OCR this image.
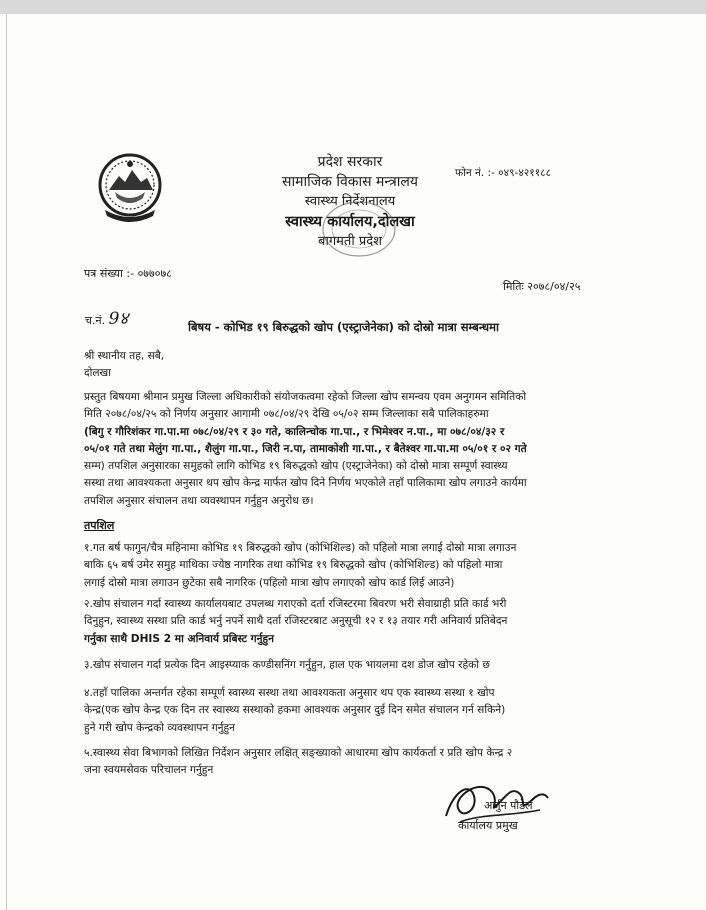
प्रदेश सरकार
सामाजिक विकास मन्त्रालय
स्वास्थ्य निर्देशनालय
स्वास्थ्य कार्यालय,दोलखा
बागमती प्रदेश
फोन नं. :- ०४९-४२११८८
पत्र संख्या :- ०७७०७८
मितिः २०७८/०४/२५
च.नं. 9४	बिषय - कोभिड १९ बिरुद्धको खोप (एस्ट्राजेनेका) को दोस्रो मात्रा सम्बन्धमा
श्री स्थानीय तह, सबै,
दोलखा
प्रस्तुत बिषयमा श्रीमान प्रमुख जिल्ला अधिकारीको संयोजकत्वमा रहेको जिल्ला खोप समन्वय एवम अनुगमन समितिको
मिति २०७८/०४/२५ को निर्णय अनुसार आगामी ०७८/०४/२९ देखि ०५/०२ सम्म जिल्लाका सबै पालिकाहरुमा
(बिगु र गौरिशंकर गा.पा.मा ०७८/०४/२९ र ३० गते, कालिन्चोक गा.पा., र भिमेश्वर न.पा., मा ०७८/०४/३२ र
०५/०१ गते तथा मेलुंग गा.पा., शैलुंग गा.पा., जिरी न.पा, तामाकोशी गा.पा., र बैतेश्वर गा.पा.मा ०५/०१ र ०२ गते
सम्म) तपशिल अनुसारका समुहको लागि कोभिड १९ बिरुद्धको खोप (एस्ट्राजेनेका) को दोस्रो मात्रा सम्पूर्ण स्वास्थ्य
सस्था तथा आवश्यकता अनुसार थप खोप केन्द्र मार्फत खोप दिने निर्णय भएकोले तहाँ पालिकामा खोप लगाउने कार्यमा
तपशिल अनुसार संचालन तथा व्यवस्थापन गर्नुहुन अनुरोध छ।
तपशिल
१.गत बर्ष फागुन/चैत्र महिनामा कोभिड १९ बिरुद्धको खोप (कोभिशिल्ड) को पहिलो मात्रा लगाई दोस्रो मात्रा लगाउन
बाकि ६५ बर्ष उमेर समुह माथिका ज्येष्ठ नागरिक तथा कोभिड १९ बिरुद्धको खोप (कोभिशिल्ड) को पहिलो मात्रा
लगाई दोस्रो मात्रा लगाउन छुटेका सबै नागरिक (पहिलो मात्रा खोप लगाएको खोप कार्ड लिई आउने)
२.खोप संचालन गर्दा स्वास्थ्य कार्यालयबाट उपलब्ध गराएको दर्ता रजिस्टरमा बिवरण भरी सेवाग्राही प्रति कार्ड भरी
दिनुहुन, स्वास्थ्य सस्था प्रति कार्ड भर्नु नपर्ने साथै दर्ता रजिस्टरबाट अनुसूची १२ र १३ तयार गरी अनिवार्य प्रतिबेदन
गर्नुका साथै DHIS 2 मा अनिवार्य प्रबिस्ट गर्नुहुन
३.खोप संचालन गर्दा प्रत्येक दिन आइस्प्याक कण्डीसनिंग गर्नुहुन, हाल एक भायलमा दश डोज खोप रहेको छ
४.तहाँ पालिका अन्तर्गत रहेका सम्पूर्ण स्वास्थ्य सस्था तथा आवश्यकता अनुसार थप एक स्वास्थ्य सस्था १ खोप
केन्द्र(एक खोप केन्द्र एक दिन तर स्वास्थ्य सस्थाको हकमा आवश्यक अनुसार दुई दिन समेत संचालन गर्न सकिने)
हुने गरी खोप केन्द्रको व्यवस्थापन गर्नुहुन
५.स्वास्थ्य सेवा बिभागको लिखित निर्देशन अनुसार लक्षित् सङ्ख्याको आधारमा खोप कार्यकर्ता र प्रति खोप केन्द्र २
जना स्वयमसेवक परिचालन गर्नुहुन
अर्जुन पौडेल
कार्यालय प्रमुख
